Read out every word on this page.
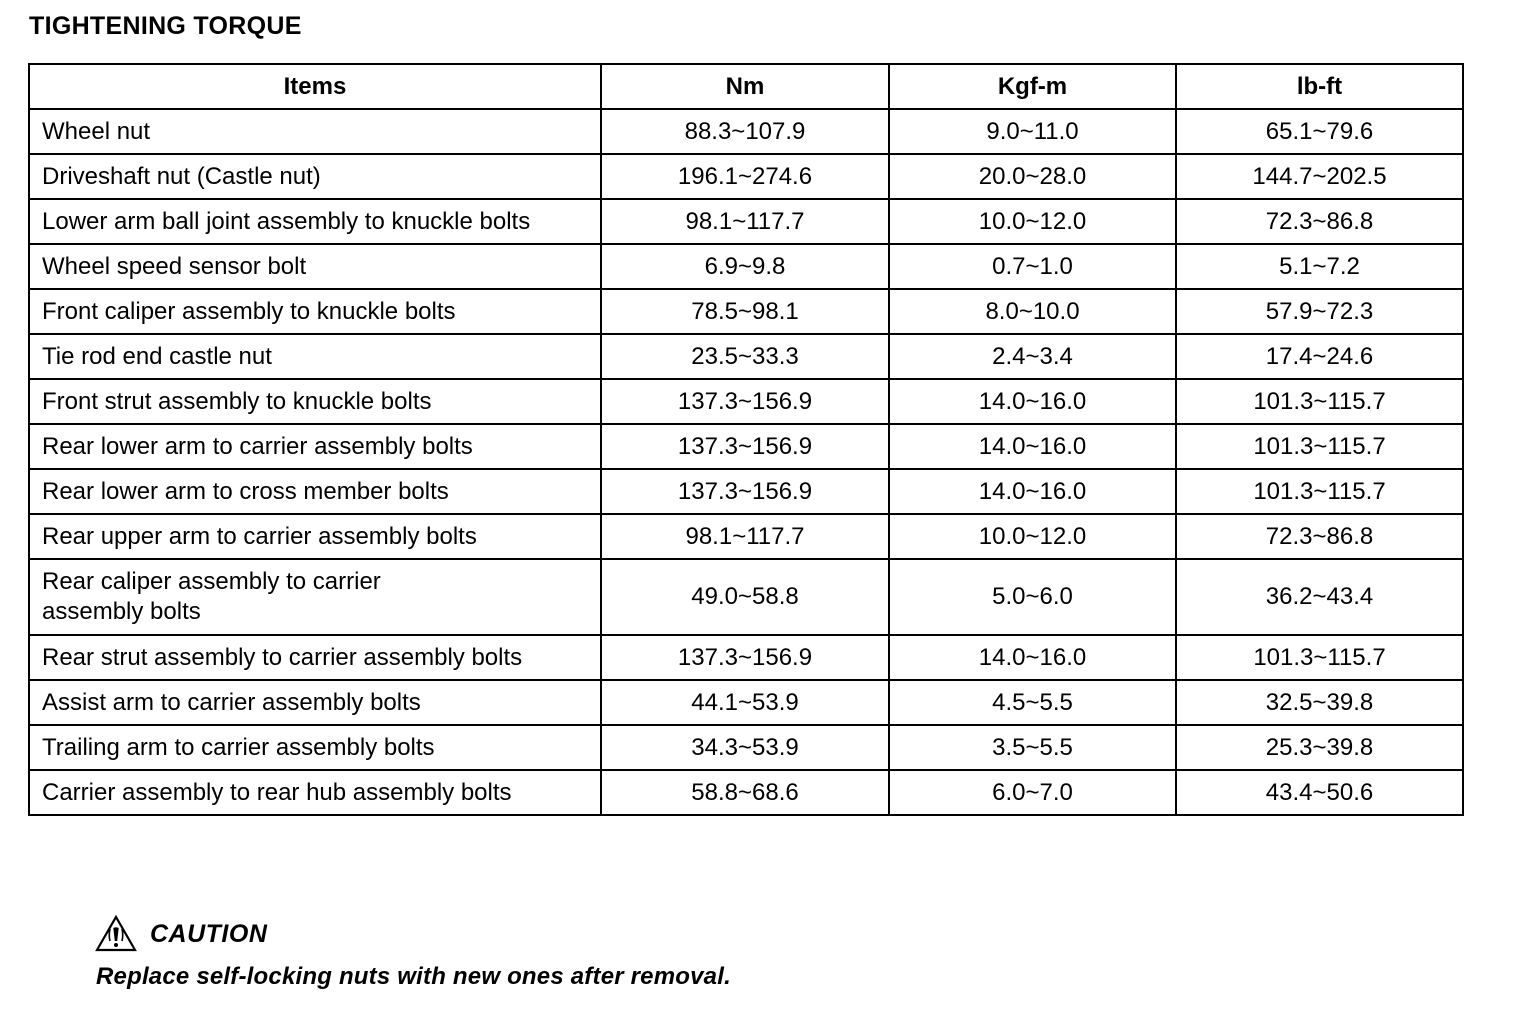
TIGHTENING TORQUE
Items	Nm	Kgf-m	lb-ft
Wheel nut	88.3~107.9	9.0~11.0	65.1~79.6
Driveshaft nut (Castle nut)	196.1~274.6	20.0~28.0	144.7~202.5
Lower arm ball joint assembly to knuckle bolts	98.1~117.7	10.0~12.0	72.3~86.8
Wheel speed sensor bolt	6.9~9.8	0.7~1.0	5.1~7.2
Front caliper assembly to knuckle bolts	78.5~98.1	8.0~10.0	57.9~72.3
Tie rod end castle nut	23.5~33.3	2.4~3.4	17.4~24.6
Front strut assembly to knuckle bolts	137.3~156.9	14.0~16.0	101.3~115.7
Rear lower arm to carrier assembly bolts	137.3~156.9	14.0~16.0	101.3~115.7
Rear lower arm to cross member bolts	137.3~156.9	14.0~16.0	101.3~115.7
Rear upper arm to carrier assembly bolts	98.1~117.7	10.0~12.0	72.3~86.8
Rear caliper assembly to carrier assembly bolts	49.0~58.8	5.0~6.0	36.2~43.4
Rear strut assembly to carrier assembly bolts	137.3~156.9	14.0~16.0	101.3~115.7
Assist arm to carrier assembly bolts	44.1~53.9	4.5~5.5	32.5~39.8
Trailing arm to carrier assembly bolts	34.3~53.9	3.5~5.5	25.3~39.8
Carrier assembly to rear hub assembly bolts	58.8~68.6	6.0~7.0	43.4~50.6
CAUTION
Replace self-locking nuts with new ones after removal.
